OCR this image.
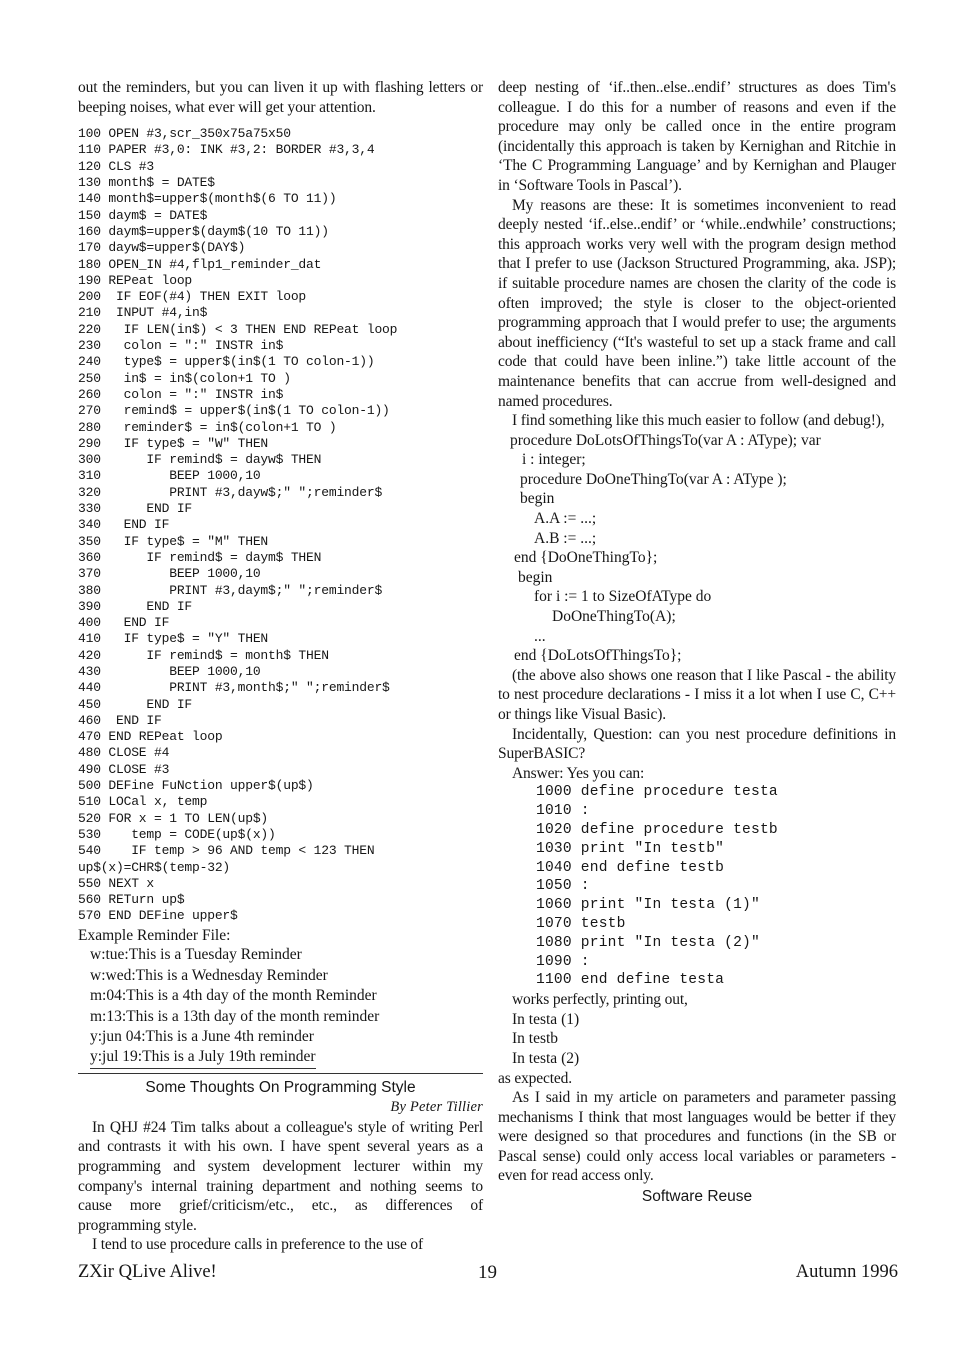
out the reminders, but you can liven it up with flashing letters or beeping noises, what ever will get your attention.

100 OPEN #3,scr_350x75a75x50
110 PAPER #3,0: INK #3,2: BORDER #3,3,4
120 CLS #3
130 month$ = DATE$
140 month$=upper$(month$(6 TO 11))
150 daym$ = DATE$
160 daym$=upper$(daym$(10 TO 11))
170 dayw$=upper$(DAY$)
180 OPEN_IN #4,flp1_reminder_dat
190 REPeat loop
200  IF EOF(#4) THEN EXIT loop
210  INPUT #4,in$
220   IF LEN(in$) < 3 THEN END REPeat loop
230   colon = ":" INSTR in$
240   type$ = upper$(in$(1 TO colon-1))
250   in$ = in$(colon+1 TO )
260   colon = ":" INSTR in$
270   remind$ = upper$(in$(1 TO colon-1))
280   reminder$ = in$(colon+1 TO )
290   IF type$ = "W" THEN
300      IF remind$ = dayw$ THEN
310         BEEP 1000,10
320         PRINT #3,dayw$;" ";reminder$
330      END IF
340   END IF
350   IF type$ = "M" THEN
360      IF remind$ = daym$ THEN
370         BEEP 1000,10
380         PRINT #3,daym$;" ";reminder$
390      END IF
400   END IF
410   IF type$ = "Y" THEN
420      IF remind$ = month$ THEN
430         BEEP 1000,10
440         PRINT #3,month$;" ";reminder$
450      END IF
460  END IF
470 END REPeat loop
480 CLOSE #4
490 CLOSE #3
500 DEFine FuNction upper$(up$)
510 LOCal x, temp
520 FOR x = 1 TO LEN(up$)
530    temp = CODE(up$(x))
540    IF temp > 96 AND temp < 123 THEN
up$(x)=CHR$(temp-32)
550 NEXT x
560 RETurn up$
570 END DEFine upper$

Example Reminder File:

w:tue:This is a Tuesday Reminder
w:wed:This is a Wednesday Reminder
m:04:This is a 4th day of the month Reminder
m:13:This is a 13th day of the month reminder
y:jun 04:This is a June 4th reminder
y:jul 19:This is a July 19th reminder

Some Thoughts On Programming Style

By Peter Tillier

In QHJ #24 Tim talks about a colleague's style of writing Perl and contrasts it with his own. I have spent several years as a programming and system development lecturer within my company's internal training department and nothing seems to cause more grief/criticism/etc., etc., as differences of programming style.

I tend to use procedure calls in preference to the use of

deep nesting of ‘if..then..else..endif’ structures as does Tim's colleague. I do this for a number of reasons and even if the procedure may only be called once in the entire program (incidentally this approach is taken by Kernighan and Ritchie in ‘The C Programming Language’ and by Kernighan and Plauger in ‘Software Tools in Pascal’).

My reasons are these: It is sometimes inconvenient to read deeply nested ‘if..else..endif’ or ‘while..endwhile’ constructions; this approach works very well with the program design method that I prefer to use (Jackson Structured Programming, aka. JSP); if suitable procedure names are chosen the clarity of the code is often improved; the style is closer to the object-oriented programming approach that I would prefer to use; the arguments about inefficiency (“It's wasteful to set up a stack frame and call code that could have been inline.”) take little account of the maintenance benefits that can accrue from well-designed and named procedures.

I find something like this much easier to follow (and debug!),

procedure DoLotsOfThingsTo(var A : AType); var
i : integer;
procedure DoOneThingTo(var A : AType );
begin
A.A := ...;
A.B := ...;
end {DoOneThingTo};
begin
for i := 1 to SizeOfAType do
DoOneThingTo(A);
...
end {DoLotsOfThingsTo};

(the above also shows one reason that I like Pascal - the ability to nest procedure declarations - I miss it a lot when I use C, C++ or things like Visual Basic).

Incidentally, Question: can you nest procedure definitions in SuperBASIC?

Answer: Yes you can:

1000 define procedure testa
1010 :
1020 define procedure testb
1030 print "In testb"
1040 end define testb
1050 :
1060 print "In testa (1)"
1070 testb
1080 print "In testa (2)"
1090 :
1100 end define testa

works perfectly, printing out,

In testa (1)
In testb
In testa (2)

as expected.

As I said in my article on parameters and parameter passing mechanisms I think that most languages would be better if they were designed so that procedures and functions (in the SB or Pascal sense) could only access local variables or parameters - even for read access only.

Software Reuse

ZXir QLive Alive!	19	Autumn 1996
